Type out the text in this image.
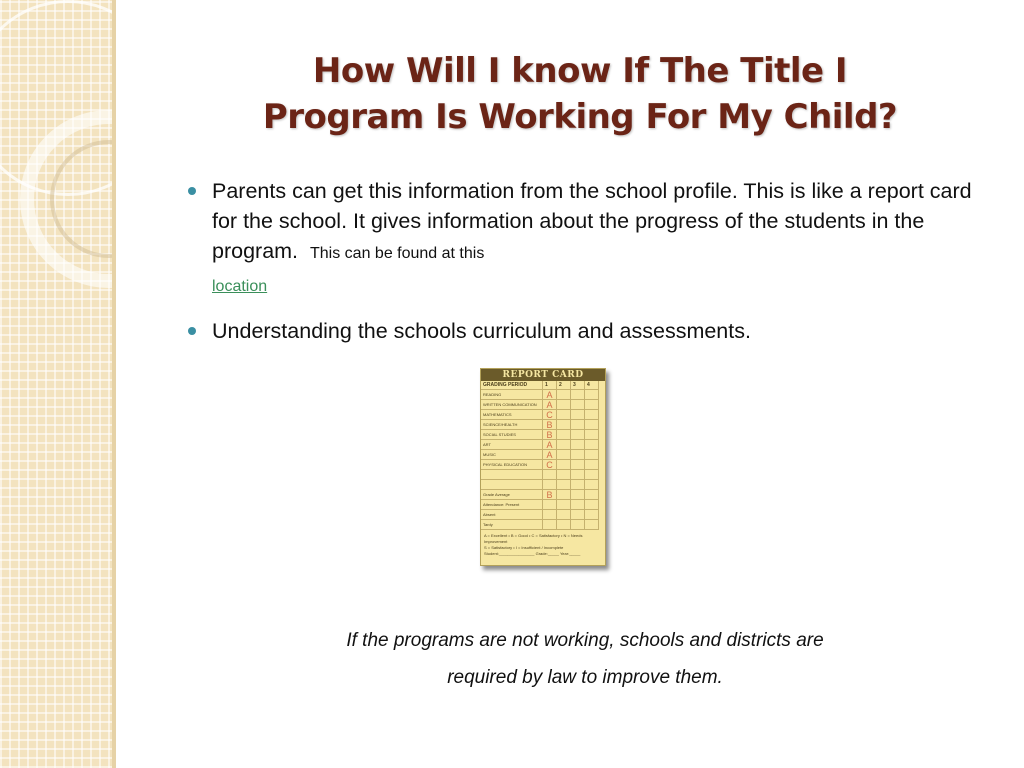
How Will I know If The Title I
Program Is Working For My Child?
Parents can get this information from the school profile. This is like a report card for the school. It gives information about the progress of the students in the program. This can be found at this
location
Understanding the schools curriculum and assessments.
REPORT CARD
GRADING PERIOD	1	2	3	4
READING	A
WRITTEN COMMUNICATION	A
MATHEMATICS	C
SCIENCE/HEALTH	B
SOCIAL STUDIES	B
ART	A
MUSIC	A
PHYSICAL EDUCATION	C
Grade Average	B
Attendance: Present
Absent
Tardy
A = Excellent • B = Good • C = Satisfactory • N = Needs Improvement
S = Satisfactory • I = Insufficient / Incomplete
Student:________________ Grade:_____ Year:_____
If the programs are not working, schools and districts are
required by law to improve them.
